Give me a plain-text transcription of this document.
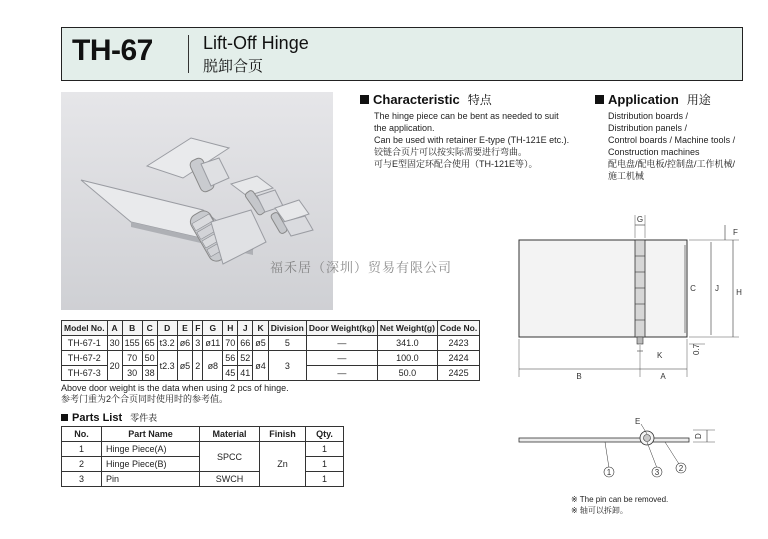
TH-67	Lift-Off Hinge
脱卸合页
Characteristic 特点
The hinge piece can be bent as needed to suit
the application.
Can be used with retainer E-type (TH-121E etc.).
铰链合页片可以按实际需要进行弯曲。
可与E型固定环配合使用（TH-121E等）。
Application 用途
Distribution boards /
Distribution panels /
Control boards / Machine tools /
Construction machines
配电盘/配电板/控制盘/工作机械/
施工机械
G
F
C J H
0.7
K
B	A
E
D
1	3 2
福禾居（深圳）贸易有限公司
Model No.	A	B	C	D	E	F	G	H	J	K	Division	Door Weight(kg)	Net Weight(g)	Code No.
TH-67-1	30	155	65	t3.2	ø6	3	ø11	70	66	ø5	5	—	341.0	2423
TH-67-2	20	70	50	t2.3	ø5	2	ø8	56	52	ø4	3	—	100.0	2424
TH-67-3		30	38					45	41			—	50.0	2425
Above door weight is the data when using 2 pcs of hinge.
参考门重为2个合页同时使用时的参考值。
Parts List 零件表
No.	Part Name	Material	Finish	Qty.
1	Hinge Piece(A)	SPCC	Zn	1
2	Hinge Piece(B)			1
3	Pin	SWCH		1
※ The pin can be removed.
※ 轴可以拆卸。
